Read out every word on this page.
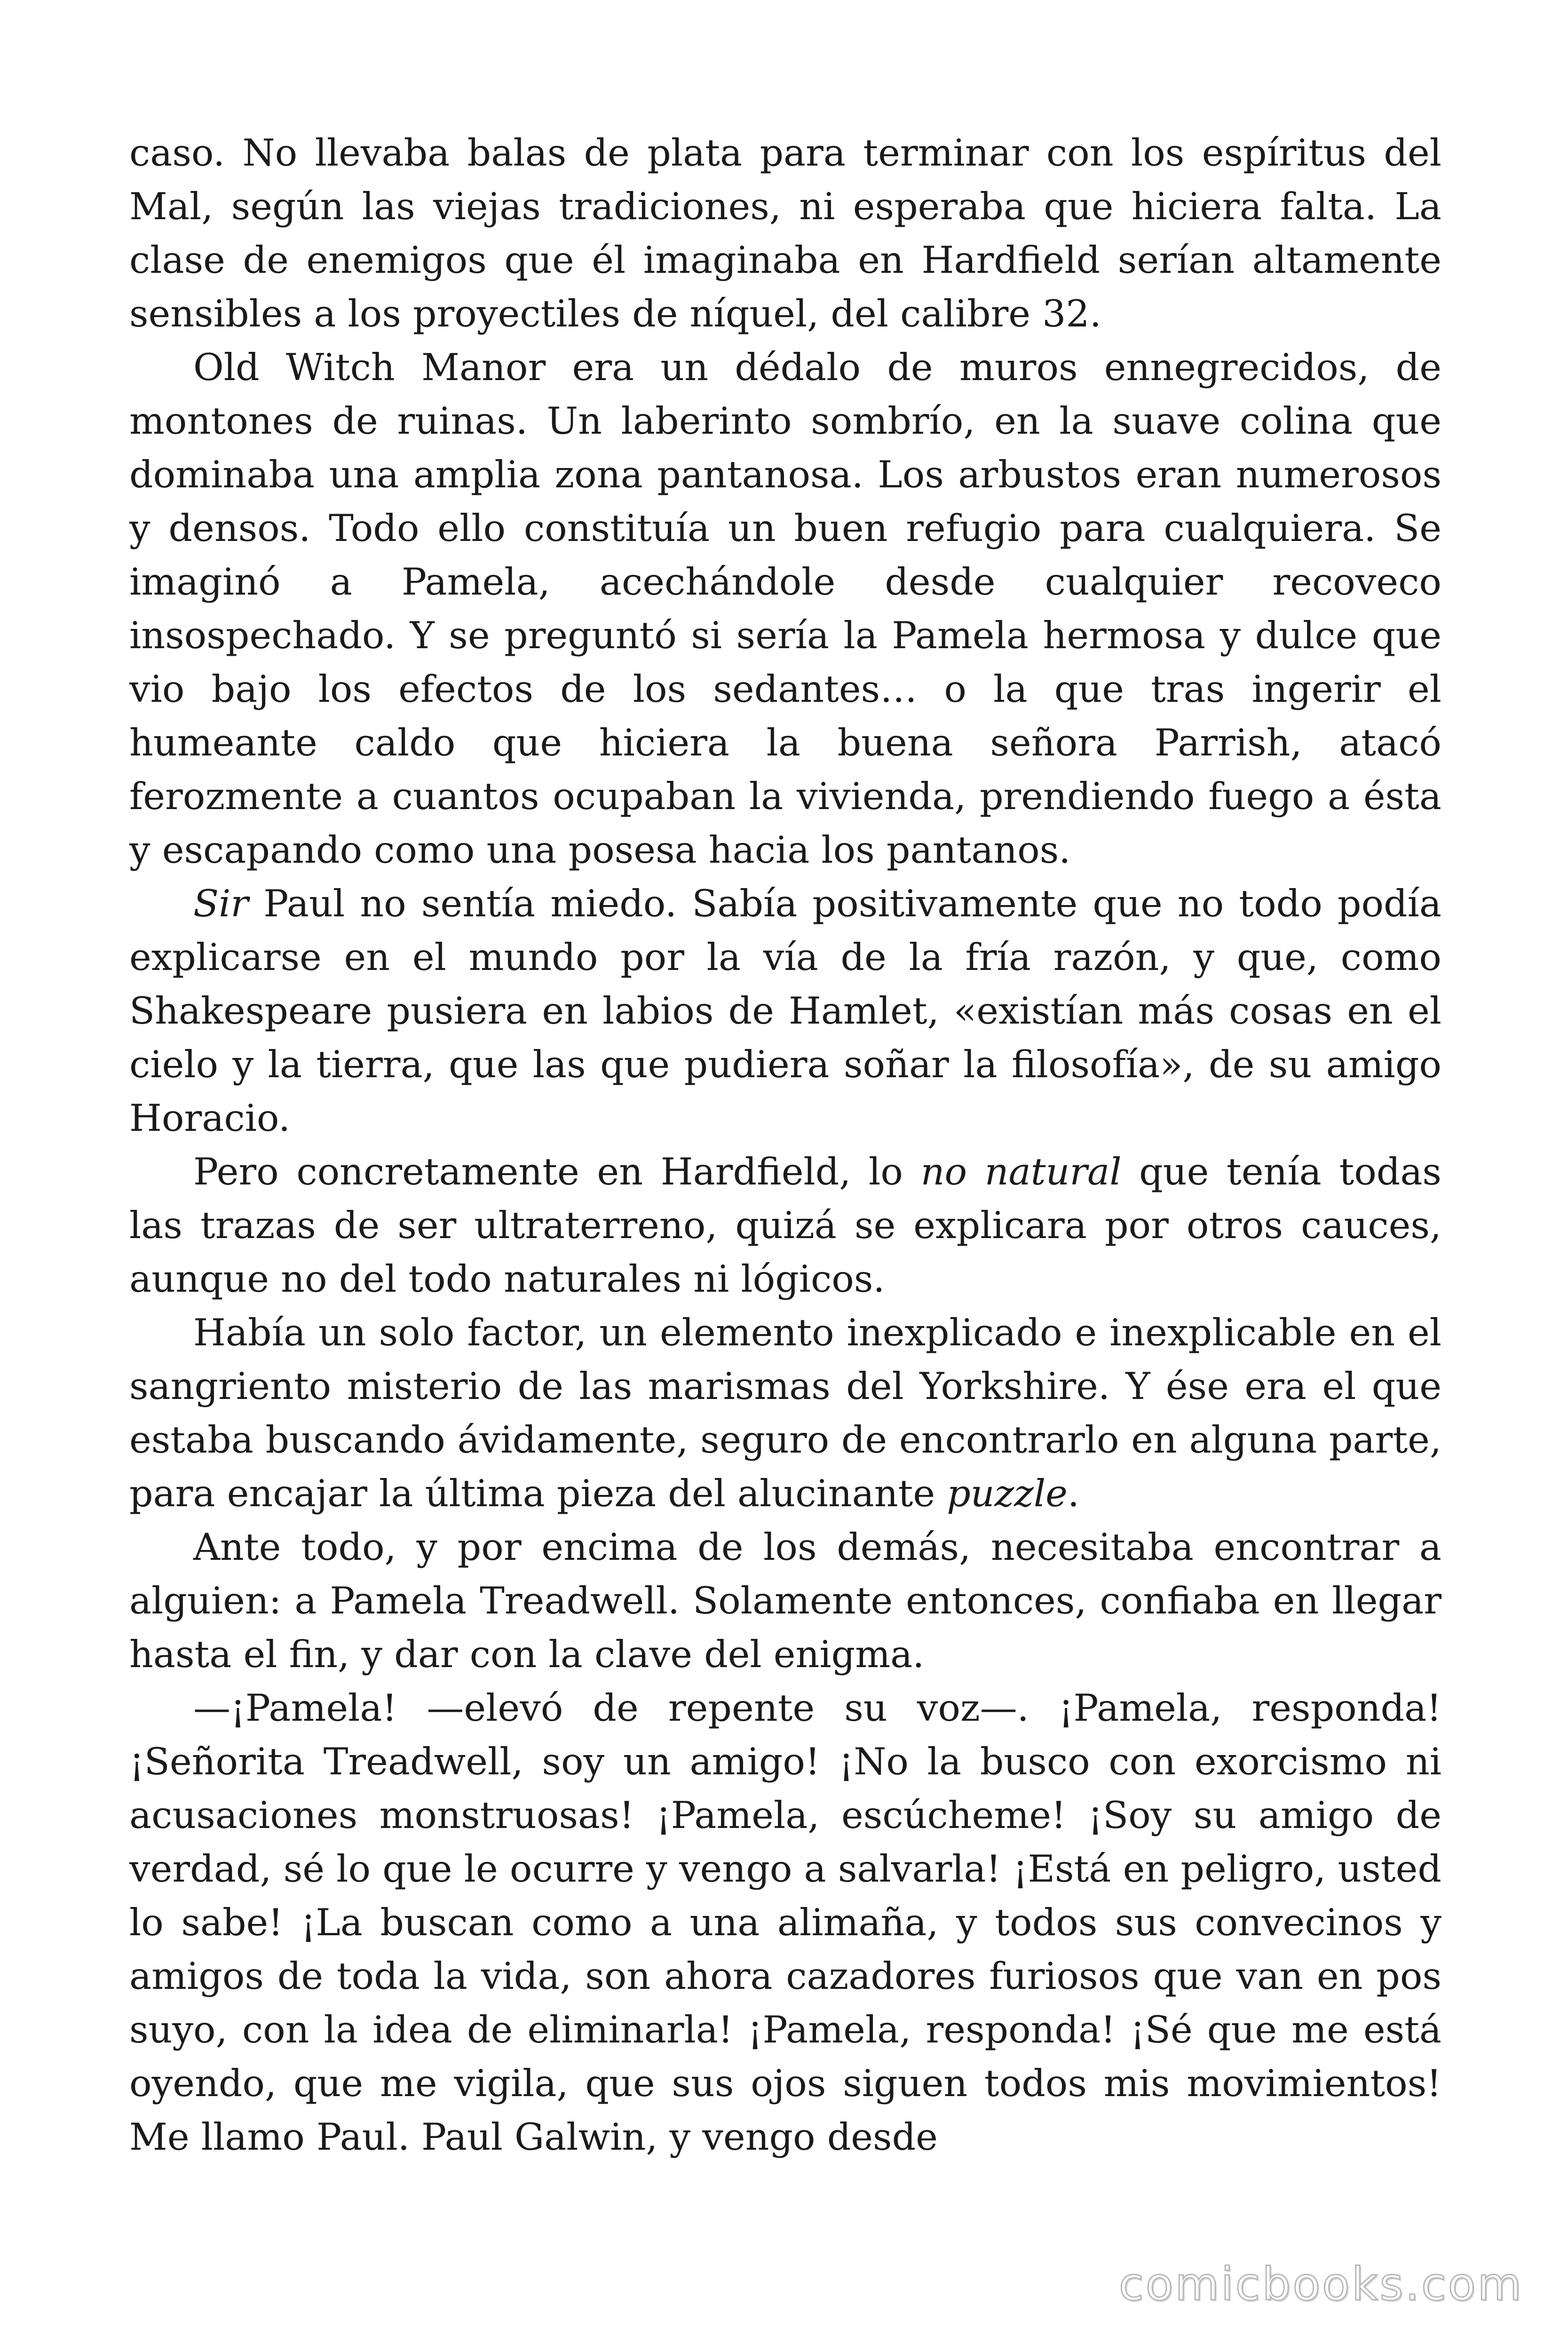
caso. No llevaba balas de plata para terminar con los espíritus del Mal, según las viejas tradiciones, ni esperaba que hiciera falta. La clase de enemigos que él imaginaba en Hardfield serían altamente sensibles a los proyectiles de níquel, del calibre 32.

Old Witch Manor era un dédalo de muros ennegrecidos, de montones de ruinas. Un laberinto sombrío, en la suave colina que dominaba una amplia zona pantanosa. Los arbustos eran numerosos y densos. Todo ello constituía un buen refugio para cualquiera. Se imaginó a Pamela, acechándole desde cualquier recoveco insospechado. Y se preguntó si sería la Pamela hermosa y dulce que vio bajo los efectos de los sedantes… o la que tras ingerir el humeante caldo que hiciera la buena señora Parrish, atacó ferozmente a cuantos ocupaban la vivienda, prendiendo fuego a ésta y escapando como una posesa hacia los pantanos.

Sir Paul no sentía miedo. Sabía positivamente que no todo podía explicarse en el mundo por la vía de la fría razón, y que, como Shakespeare pusiera en labios de Hamlet, «existían más cosas en el cielo y la tierra, que las que pudiera soñar la filosofía», de su amigo Horacio.

Pero concretamente en Hardfield, lo no natural que tenía todas las trazas de ser ultraterreno, quizá se explicara por otros cauces, aunque no del todo naturales ni lógicos.

Había un solo factor, un elemento inexplicado e inexplicable en el sangriento misterio de las marismas del Yorkshire. Y ése era el que estaba buscando ávidamente, seguro de encontrarlo en alguna parte, para encajar la última pieza del alucinante puzzle.

Ante todo, y por encima de los demás, necesitaba encontrar a alguien: a Pamela Treadwell. Solamente entonces, confiaba en llegar hasta el fin, y dar con la clave del enigma.

—¡Pamela! —elevó de repente su voz—. ¡Pamela, responda! ¡Señorita Treadwell, soy un amigo! ¡No la busco con exorcismo ni acusaciones monstruosas! ¡Pamela, escúcheme! ¡Soy su amigo de verdad, sé lo que le ocurre y vengo a salvarla! ¡Está en peligro, usted lo sabe! ¡La buscan como a una alimaña, y todos sus convecinos y amigos de toda la vida, son ahora cazadores furiosos que van en pos suyo, con la idea de eliminarla! ¡Pamela, responda! ¡Sé que me está oyendo, que me vigila, que sus ojos siguen todos mis movimientos! Me llamo Paul. Paul Galwin, y vengo desde

comicbooks.com
